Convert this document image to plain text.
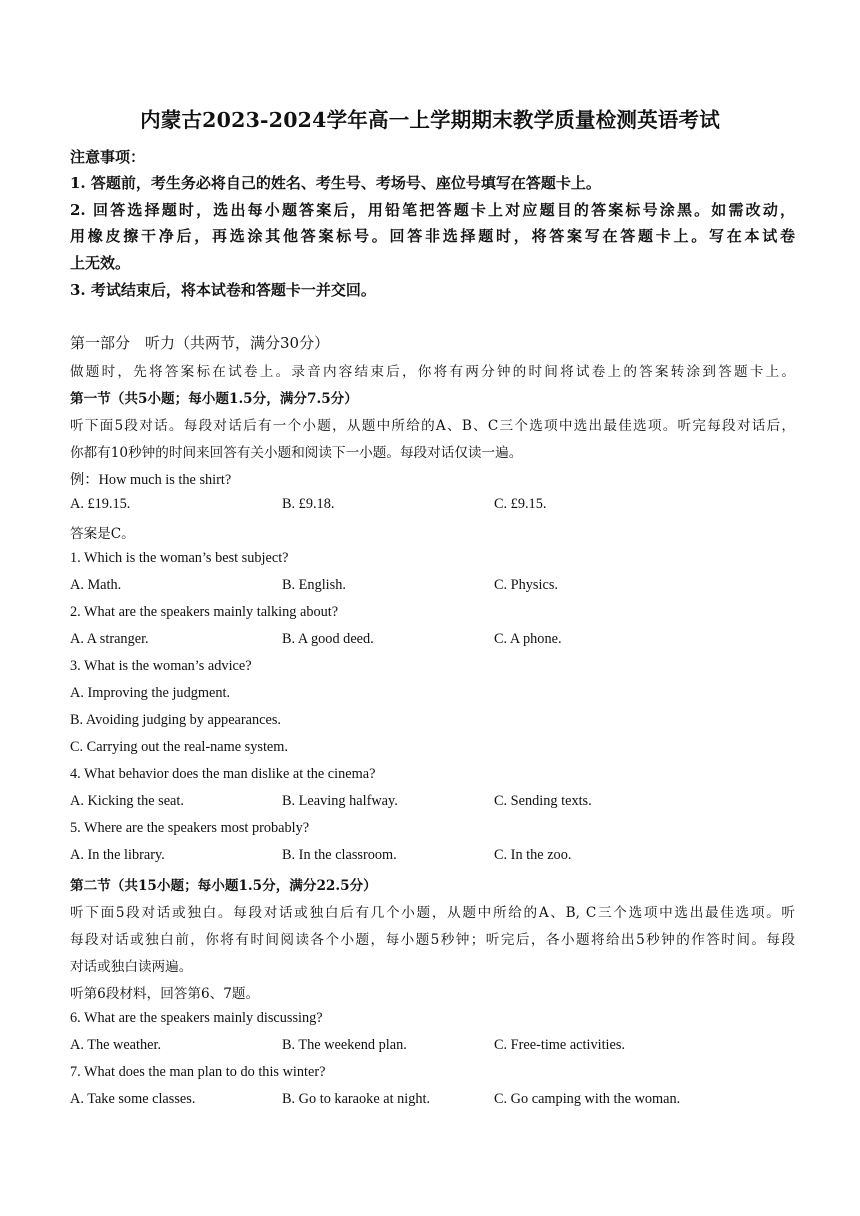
内蒙古2023-2024学年高一上学期期末教学质量检测英语考试
注意事项：
1. 答题前，考生务必将自己的姓名、考生号、考场号、座位号填写在答题卡上。
2. 回答选择题时，选出每小题答案后，用铅笔把答题卡上对应题目的答案标号涂黑。如需改动，
用橡皮擦干净后，再选涂其他答案标号。回答非选择题时，将答案写在答题卡上。写在本试卷
上无效。
3. 考试结束后，将本试卷和答题卡一并交回。
第一部分　听力（共两节，满分30分）
做题时，先将答案标在试卷上。录音内容结束后，你将有两分钟的时间将试卷上的答案转涂到答题卡上。
第一节（共5小题；每小题1.5分，满分7.5分）
听下面5段对话。每段对话后有一个小题，从题中所给的A、B、C三个选项中选出最佳选项。听完每段对话后，
你都有10秒钟的时间来回答有关小题和阅读下一小题。每段对话仅读一遍。
例：How much is the shirt?
A. £19.15.	B. £9.18.	C. £9.15.
答案是C。
1. Which is the woman’s best subject?
A. Math.	B. English.	C. Physics.
2. What are the speakers mainly talking about?
A. A stranger.	B. A good deed.	C. A phone.
3. What is the woman’s advice?
A. Improving the judgment.
B. Avoiding judging by appearances.
C. Carrying out the real-name system.
4. What behavior does the man dislike at the cinema?
A. Kicking the seat.	B. Leaving halfway.	C. Sending texts.
5. Where are the speakers most probably?
A. In the library.	B. In the classroom.	C. In the zoo.
第二节（共15小题；每小题1.5分，满分22.5分）
听下面5段对话或独白。每段对话或独白后有几个小题，从题中所给的A、B, C三个选项中选出最佳选项。听
每段对话或独白前，你将有时间阅读各个小题，每小题5秒钟；听完后，各小题将给出5秒钟的作答时间。每段
对话或独白读两遍。
听第6段材料，回答第6、7题。
6. What are the speakers mainly discussing?
A. The weather.	B. The weekend plan.	C. Free-time activities.
7. What does the man plan to do this winter?
A. Take some classes.	B. Go to karaoke at night.	C. Go camping with the woman.
